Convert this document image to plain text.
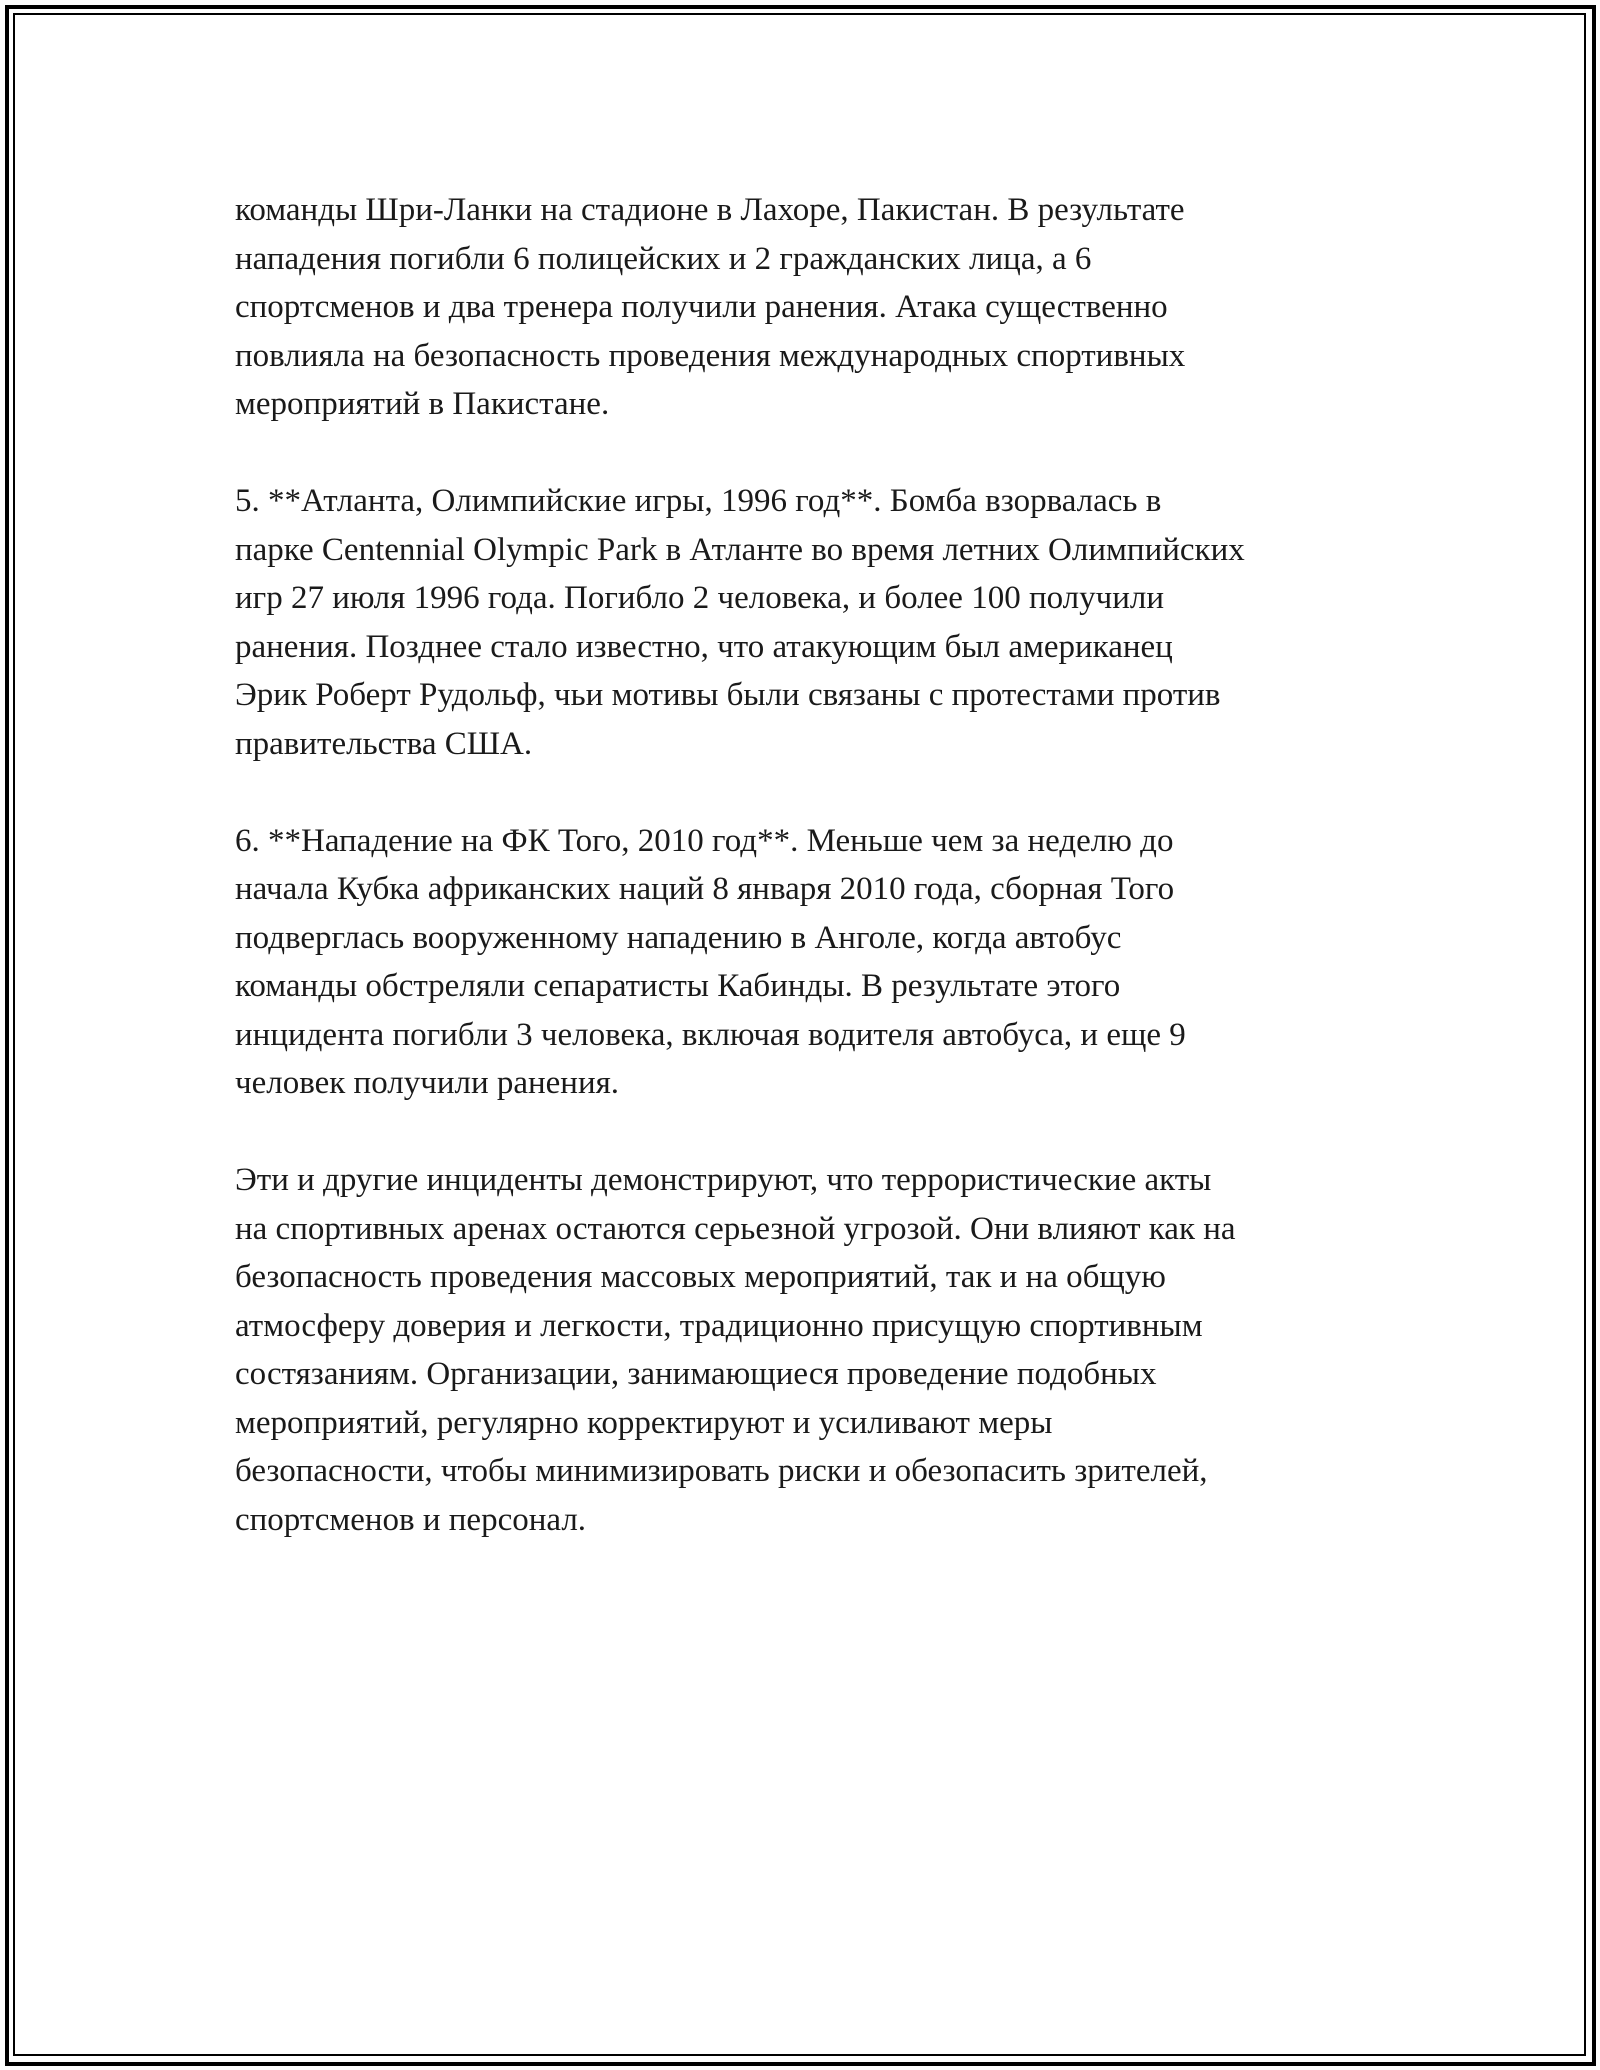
команды Шри-Ланки на стадионе в Лахоре, Пакистан. В результате
нападения погибли 6 полицейских и 2 гражданских лица, а 6
спортсменов и два тренера получили ранения. Атака существенно
повлияла на безопасность проведения международных спортивных
мероприятий в Пакистане.

5. **Атланта, Олимпийские игры, 1996 год**. Бомба взорвалась в
парке Centennial Olympic Park в Атланте во время летних Олимпийских
игр 27 июля 1996 года. Погибло 2 человека, и более 100 получили
ранения. Позднее стало известно, что атакующим был американец
Эрик Роберт Рудольф, чьи мотивы были связаны с протестами против
правительства США.

6. **Нападение на ФК Того, 2010 год**. Меньше чем за неделю до
начала Кубка африканских наций 8 января 2010 года, сборная Того
подверглась вооруженному нападению в Анголе, когда автобус
команды обстреляли сепаратисты Кабинды. В результате этого
инцидента погибли 3 человека, включая водителя автобуса, и еще 9
человек получили ранения.

Эти и другие инциденты демонстрируют, что террористические акты
на спортивных аренах остаются серьезной угрозой. Они влияют как на
безопасность проведения массовых мероприятий, так и на общую
атмосферу доверия и легкости, традиционно присущую спортивным
состязаниям. Организации, занимающиеся проведение подобных
мероприятий, регулярно корректируют и усиливают меры
безопасности, чтобы минимизировать риски и обезопасить зрителей,
спортсменов и персонал.
